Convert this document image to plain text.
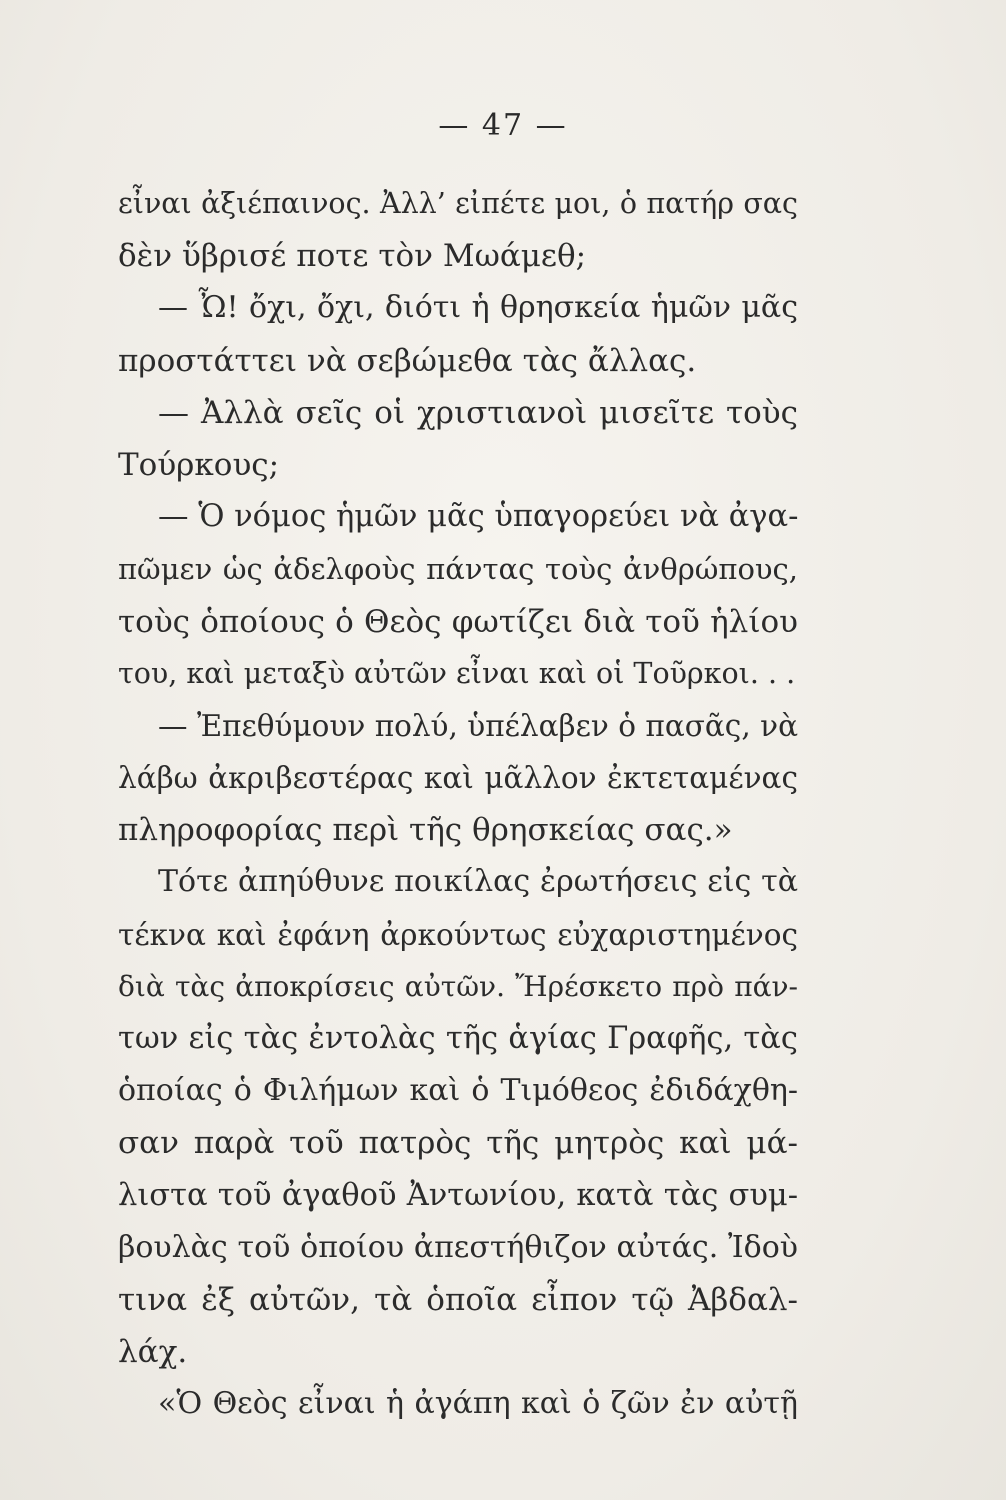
— 47 —
εἶναι ἀξιέπαινος. Ἀλλ’ εἰπέτε μοι, ὁ πατήρ σας
δὲν ὕβρισέ ποτε τὸν Μωάμεθ;
— Ὦ! ὄχι, ὄχι, διότι ἡ θρησκεία ἡμῶν μᾶς
προστάττει νὰ σεβώμεθα τὰς ἄλλας.
— Ἀλλὰ σεῖς οἱ χριστιανοὶ μισεῖτε τοὺς
Τούρκους;
— Ὁ νόμος ἡμῶν μᾶς ὑπαγορεύει νὰ ἀγα-
πῶμεν ὡς ἀδελφοὺς πάντας τοὺς ἀνθρώπους,
τοὺς ὁποίους ὁ Θεὸς φωτίζει διὰ τοῦ ἡλίου
του, καὶ μεταξὺ αὐτῶν εἶναι καὶ οἱ Τοῦρκοι. . .
— Ἐπεθύμουν πολύ, ὑπέλαβεν ὁ πασᾶς, νὰ
λάβω ἀκριβεστέρας καὶ μᾶλλον ἐκτεταμένας
πληροφορίας περὶ τῆς θρησκείας σας.»
Τότε ἀπηύθυνε ποικίλας ἐρωτήσεις εἰς τὰ
τέκνα καὶ ἐφάνη ἀρκούντως εὐχαριστημένος
διὰ τὰς ἀποκρίσεις αὐτῶν. Ἤρέσκετο πρὸ πάν-
των εἰς τὰς ἐντολὰς τῆς ἁγίας Γραφῆς, τὰς
ὁποίας ὁ Φιλήμων καὶ ὁ Τιμόθεος ἐδιδάχθη-
σαν παρὰ τοῦ πατρὸς τῆς μητρὸς καὶ μά-
λιστα τοῦ ἀγαθοῦ Ἀντωνίου, κατὰ τὰς συμ-
βουλὰς τοῦ ὁποίου ἀπεστήθιζον αὐτάς. Ἰδοὺ
τινα ἐξ αὐτῶν, τὰ ὁποῖα εἶπον τῷ Ἀβδαλ-
λάχ.
«Ὁ Θεὸς εἶναι ἡ ἀγάπη καὶ ὁ ζῶν ἐν αὐτῇ
